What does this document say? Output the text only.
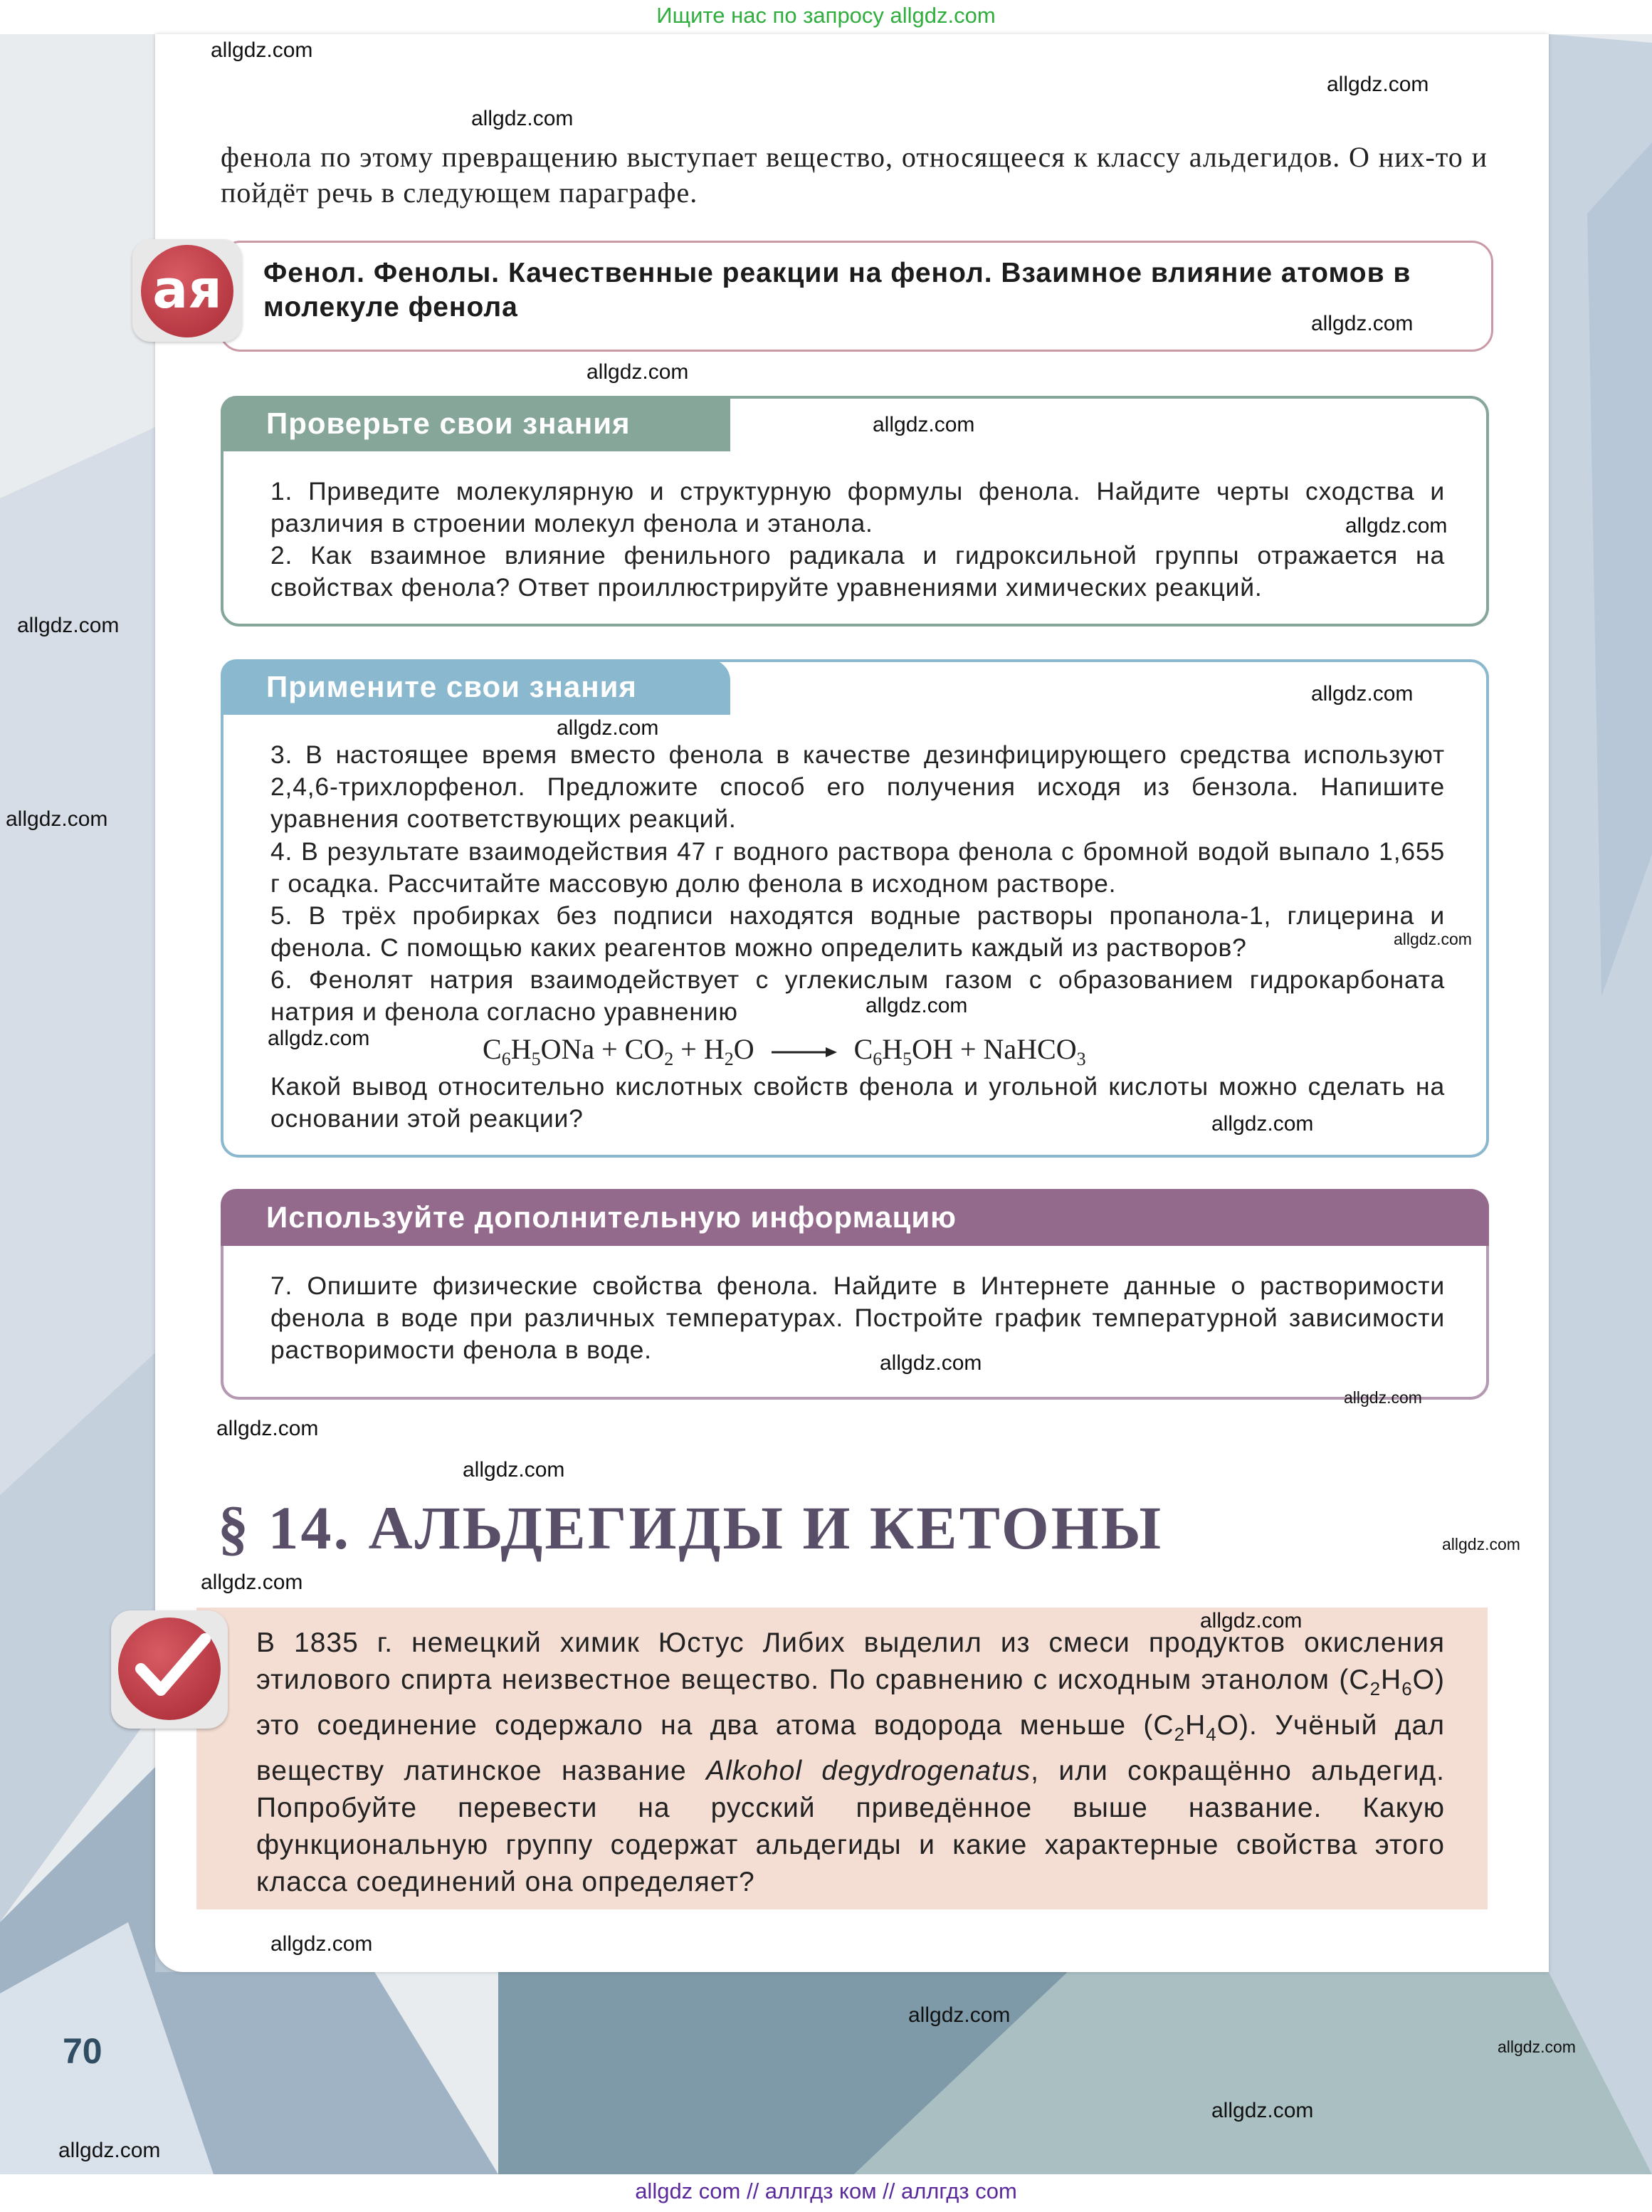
Ищите нас по запросу allgdz.com
фенола по этому превращению выступает вещество, относящееся к классу альдегидов. О них-то и пойдёт речь в следующем параграфе.
ая	Фенол. Фенолы. Качественные реакции на фенол. Взаимное влияние атомов в молекуле фенола
Проверьте свои знания
1. Приведите молекулярную и структурную формулы фенола. Найдите черты сходства и различия в строении молекул фенола и этанола.
2. Как взаимное влияние фенильного радикала и гидроксильной группы отражается на свойствах фенола? Ответ проиллюстрируйте уравнениями химических реакций.
Примените свои знания
3. В настоящее время вместо фенола в качестве дезинфицирующего средства используют 2,4,6-трихлорфенол. Предложите способ его получения исходя из бензола. Напишите уравнения соответствующих реакций.
4. В результате взаимодействия 47 г водного раствора фенола с бромной водой выпало 1,655 г осадка. Рассчитайте массовую долю фенола в исходном растворе.
5. В трёх пробирках без подписи находятся водные растворы пропанола-1, глицерина и фенола. С помощью каких реагентов можно определить каждый из растворов?
6. Фенолят натрия взаимодействует с углекислым газом с образованием гидрокарбоната натрия и фенола согласно уравнению
$C_6H_5ONa + CO_2 + H_2O \to C_6H_5OH$ + NaHCO$_3$
Какой вывод относительно кислотных свойств фенола и угольной кислоты можно сделать на основании этой реакции?
Используйте дополнительную информацию
7. Опишите физические свойства фенола. Найдите в Интернете данные о растворимости фенола в воде при различных температурах. Постройте график температурной зависимости растворимости фенола в воде.
§ 14. АЛЬДЕГИДЫ И КЕТОНЫ
В 1835 г. немецкий химик Юстус Либих выделил из смеси продуктов окисления этилового спирта неизвестное вещество. По сравнению с исходным этанолом $(C_2H_6O)$ это соединение содержало на два атома водорода меньше $(C_2H_4O)$. Учёный дал веществу латинское название Alkohol degydrogenatus, или сокращённо альдегид. Попробуйте перевести на русский приведённое выше название. Какую функциональную группу содержат альдегиды и какие характерные свойства этого класса соединений она определяет?
70
allgdz.com
allgdz.com
allgdz.com
allgdz.com
allgdz.com
allgdz.com
allgdz.com
allgdz.com
allgdz.com
allgdz.com
allgdz.com
allgdz.com
allgdz.com
allgdz.com
allgdz.com
allgdz.com
allgdz.com
allgdz.com
allgdz.com
allgdz.com
allgdz.com
allgdz.com
allgdz.com
allgdz.com
allgdz.com
allgdz.com
allgdz.com
allgdz com // аллгдз ком // аллгдз com
